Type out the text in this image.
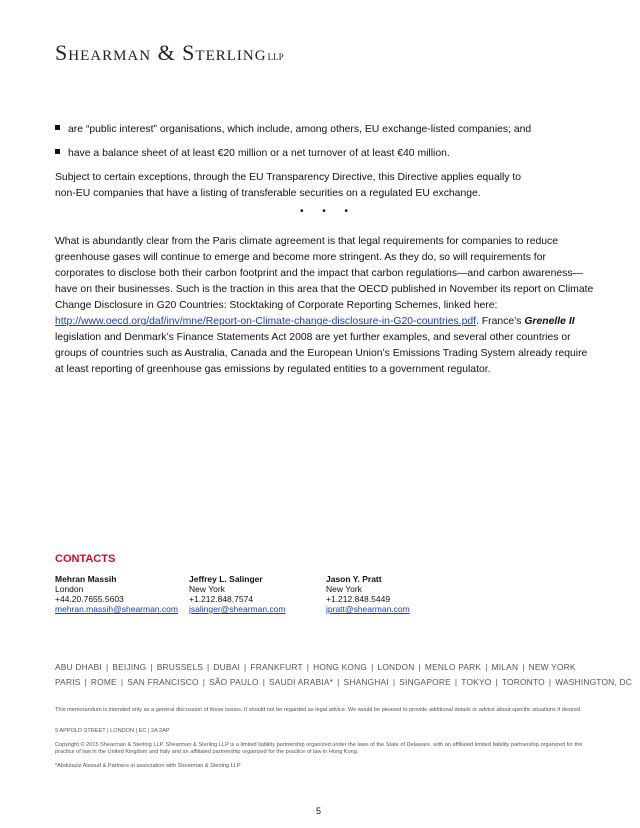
Shearman & SterlingLLP
are “public interest” organisations, which include, among others, EU exchange-listed companies; and
have a balance sheet of at least €20 million or a net turnover of at least €40 million.
Subject to certain exceptions, through the EU Transparency Directive, this Directive applies equally to
non-EU companies that have a listing of transferable securities on a regulated EU exchange.
• • •
What is abundantly clear from the Paris climate agreement is that legal requirements for companies to reduce greenhouse gases will continue to emerge and become more stringent. As they do, so will requirements for corporates to disclose both their carbon footprint and the impact that carbon regulations—and carbon awareness—have on their businesses. Such is the traction in this area that the OECD published in November its report on Climate Change Disclosure in G20 Countries: Stocktaking of Corporate Reporting Schemes, linked here: http://www.oecd.org/daf/inv/mne/Report-on-Climate-change-disclosure-in-G20-countries.pdf. France’s Grenelle II legislation and Denmark’s Finance Statements Act 2008 are yet further examples, and several other countries or groups of countries such as Australia, Canada and the European Union’s Emissions Trading System already require at least reporting of greenhouse gas emissions by regulated entities to a government regulator.
CONTACTS
Mehran Massih
London
+44.20.7655.5603
mehran.massih@shearman.com
Jeffrey L. Salinger
New York
+1.212.848.7574
jsalinger@shearman.com
Jason Y. Pratt
New York
+1.212.848.5449
jpratt@shearman.com
ABU DHABI | BEIJING | BRUSSELS | DUBAI | FRANKFURT | HONG KONG | LONDON | MENLO PARK | MILAN | NEW YORK
PARIS | ROME | SAN FRANCISCO | SÃO PAULO | SAUDI ARABIA* | SHANGHAI | SINGAPORE | TOKYO | TORONTO | WASHINGTON, DC
This memorandum is intended only as a general discussion of these issues. It should not be regarded as legal advice. We would be pleased to provide additional details or advice about specific situations if desired.
9 APPOLD STREET | LONDON | EC | 2A 2AP
Copyright © 2015 Shearman & Sterling LLP. Shearman & Sterling LLP is a limited liability partnership organized under the laws of the State of Delaware, with an affiliated limited liability partnership organized for the practice of law in the United Kingdom and Italy and an affiliated partnership organized for the practice of law in Hong Kong.
*Abdulaziz Alassaf & Partners in association with Shearman & Sterling LLP
5
